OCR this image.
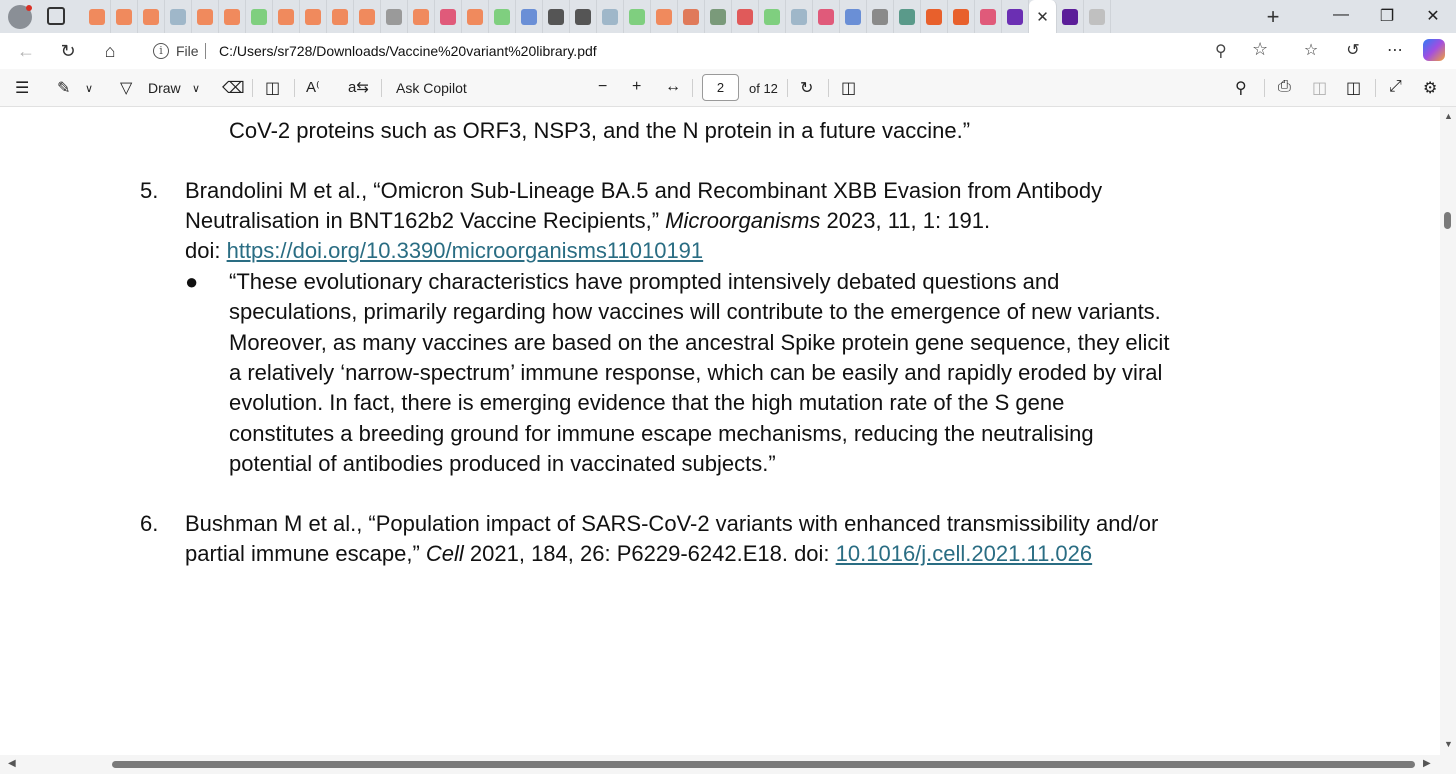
✕	+	—	❐	✕
←	↻	⌂	i File C:/Users/sr728/Downloads/Vaccine%20variant%20library.pdf	⚲ ☆	☆	↺	⋯
☰ ✎ ∨ ▽ Draw ∨ ⌫ ◫ A⁽ a⇆ Ask Copilot	− + ↔	2	of 12 ↻ ◫	⚲ ⎙ ◫ ◫ ⤢ ⚙
CoV-2 proteins such as ORF3, NSP3, and the N protein in a future vaccine.”
5. Brandolini M et al., “Omicron Sub-Lineage BA.5 and Recombinant XBB Evasion from Antibody
Neutralisation in BNT162b2 Vaccine Recipients,” Microorganisms 2023, 11, 1: 191.
doi: https://doi.org/10.3390/microorganisms11010191
● “These evolutionary characteristics have prompted intensively debated questions and
speculations, primarily regarding how vaccines will contribute to the emergence of new variants.
Moreover, as many vaccines are based on the ancestral Spike protein gene sequence, they elicit
a relatively ‘narrow-spectrum’ immune response, which can be easily and rapidly eroded by viral
evolution. In fact, there is emerging evidence that the high mutation rate of the S gene
constitutes a breeding ground for immune escape mechanisms, reducing the neutralising
potential of antibodies produced in vaccinated subjects.”
6. Bushman M et al., “Population impact of SARS-CoV-2 variants with enhanced transmissibility and/or
partial immune escape,” Cell 2021, 184, 26: P6229-6242.E18. doi: 10.1016/j.cell.2021.11.026
▲
▼
◀	▶
